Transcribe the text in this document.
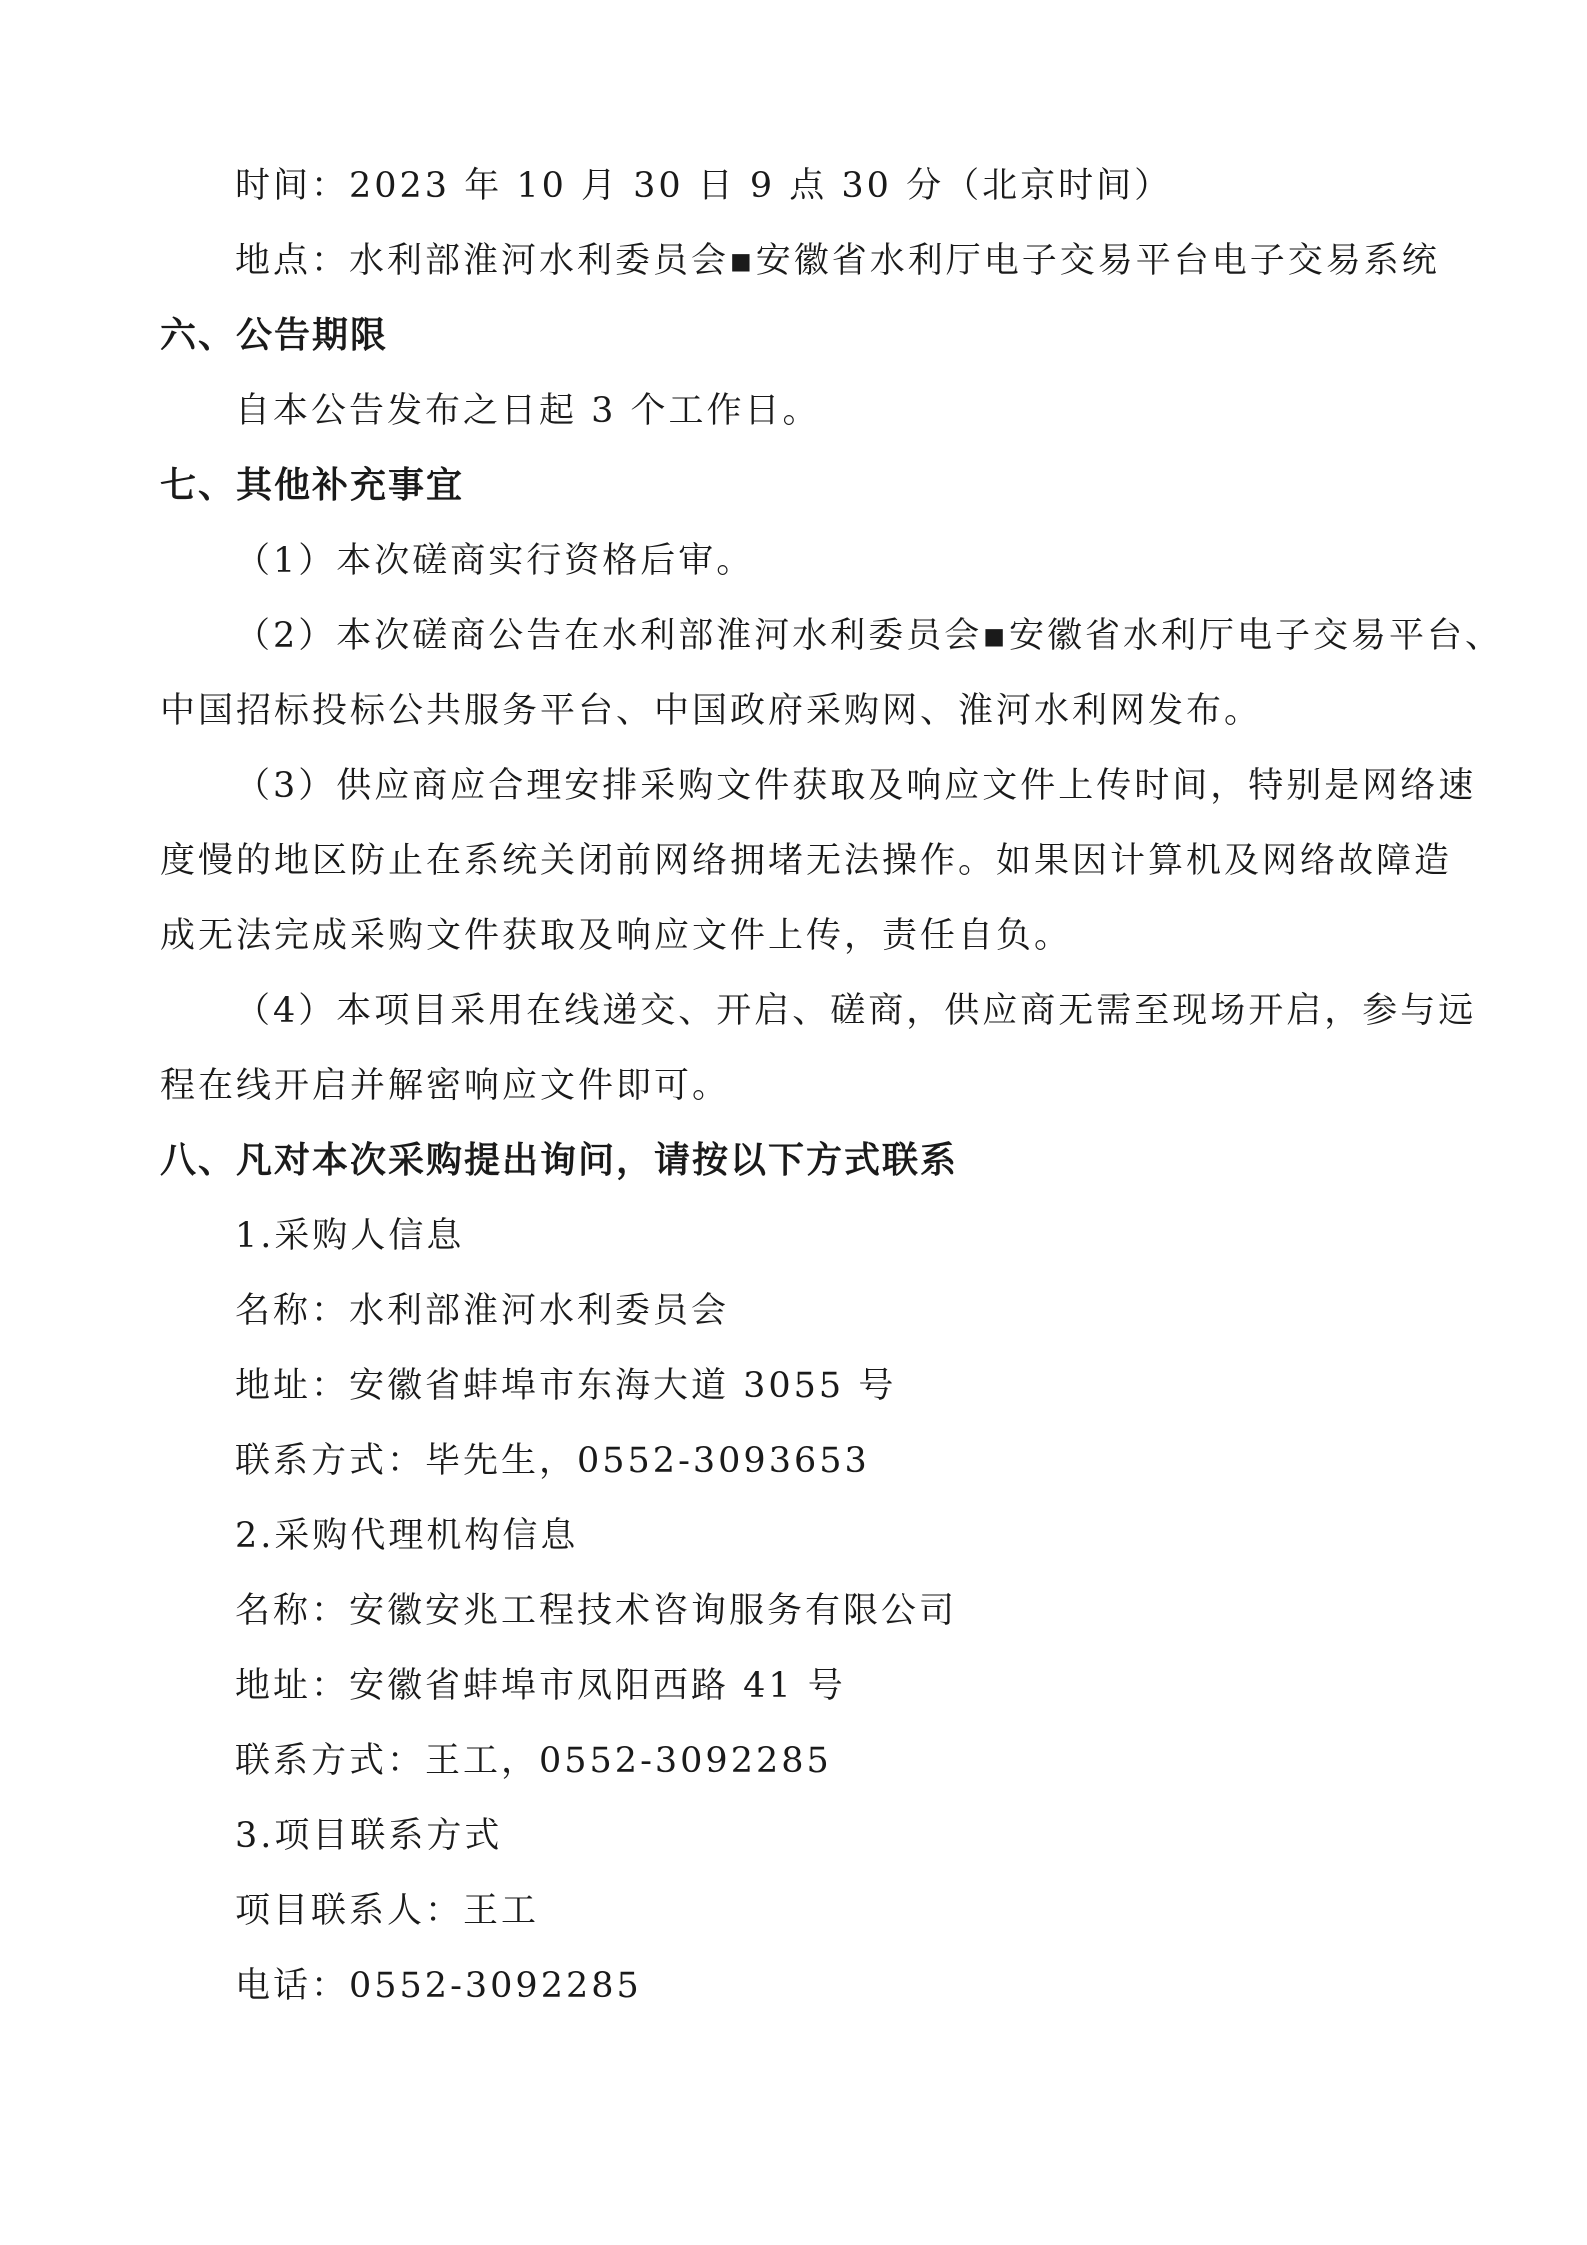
时间：2023 年 10 月 30 日 9 点 30 分（北京时间）
地点：水利部淮河水利委员会▪安徽省水利厅电子交易平台电子交易系统
六、公告期限
自本公告发布之日起 3 个工作日。
七、其他补充事宜
（1）本次磋商实行资格后审。
（2）本次磋商公告在水利部淮河水利委员会▪安徽省水利厅电子交易平台、
中国招标投标公共服务平台、中国政府采购网、淮河水利网发布。
（3）供应商应合理安排采购文件获取及响应文件上传时间，特别是网络速
度慢的地区防止在系统关闭前网络拥堵无法操作。如果因计算机及网络故障造
成无法完成采购文件获取及响应文件上传，责任自负。
（4）本项目采用在线递交、开启、磋商，供应商无需至现场开启，参与远
程在线开启并解密响应文件即可。
八、凡对本次采购提出询问，请按以下方式联系
1.采购人信息
名称：水利部淮河水利委员会
地址：安徽省蚌埠市东海大道 3055 号
联系方式：毕先生，0552-3093653
2.采购代理机构信息
名称：安徽安兆工程技术咨询服务有限公司
地址：安徽省蚌埠市凤阳西路 41 号
联系方式：王工，0552-3092285
3.项目联系方式
项目联系人：王工
电话：0552-3092285
